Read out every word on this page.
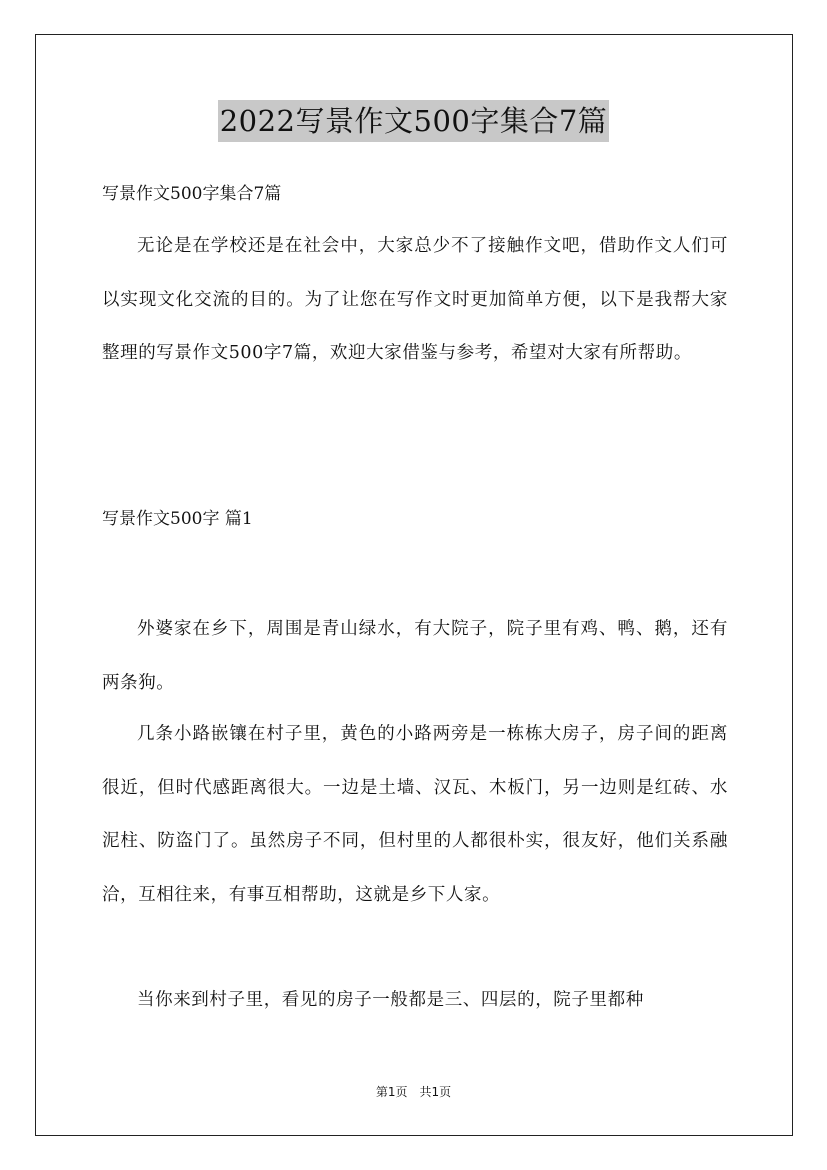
2022写景作文500字集合7篇
写景作文500字集合7篇

无论是在学校还是在社会中，大家总少不了接触作文吧，借助作文人们可以实现文化交流的目的。为了让您在写作文时更加简单方便，以下是我帮大家整理的写景作文500字7篇，欢迎大家借鉴与参考，希望对大家有所帮助。

写景作文500字 篇1

外婆家在乡下，周围是青山绿水，有大院子，院子里有鸡、鸭、鹅，还有两条狗。

几条小路嵌镶在村子里，黄色的小路两旁是一栋栋大房子，房子间的距离很近，但时代感距离很大。一边是土墙、汉瓦、木板门，另一边则是红砖、水泥柱、防盗门了。虽然房子不同，但村里的人都很朴实，很友好，他们关系融洽，互相往来，有事互相帮助，这就是乡下人家。

当你来到村子里，看见的房子一般都是三、四层的，院子里都种

第1页　共1页
